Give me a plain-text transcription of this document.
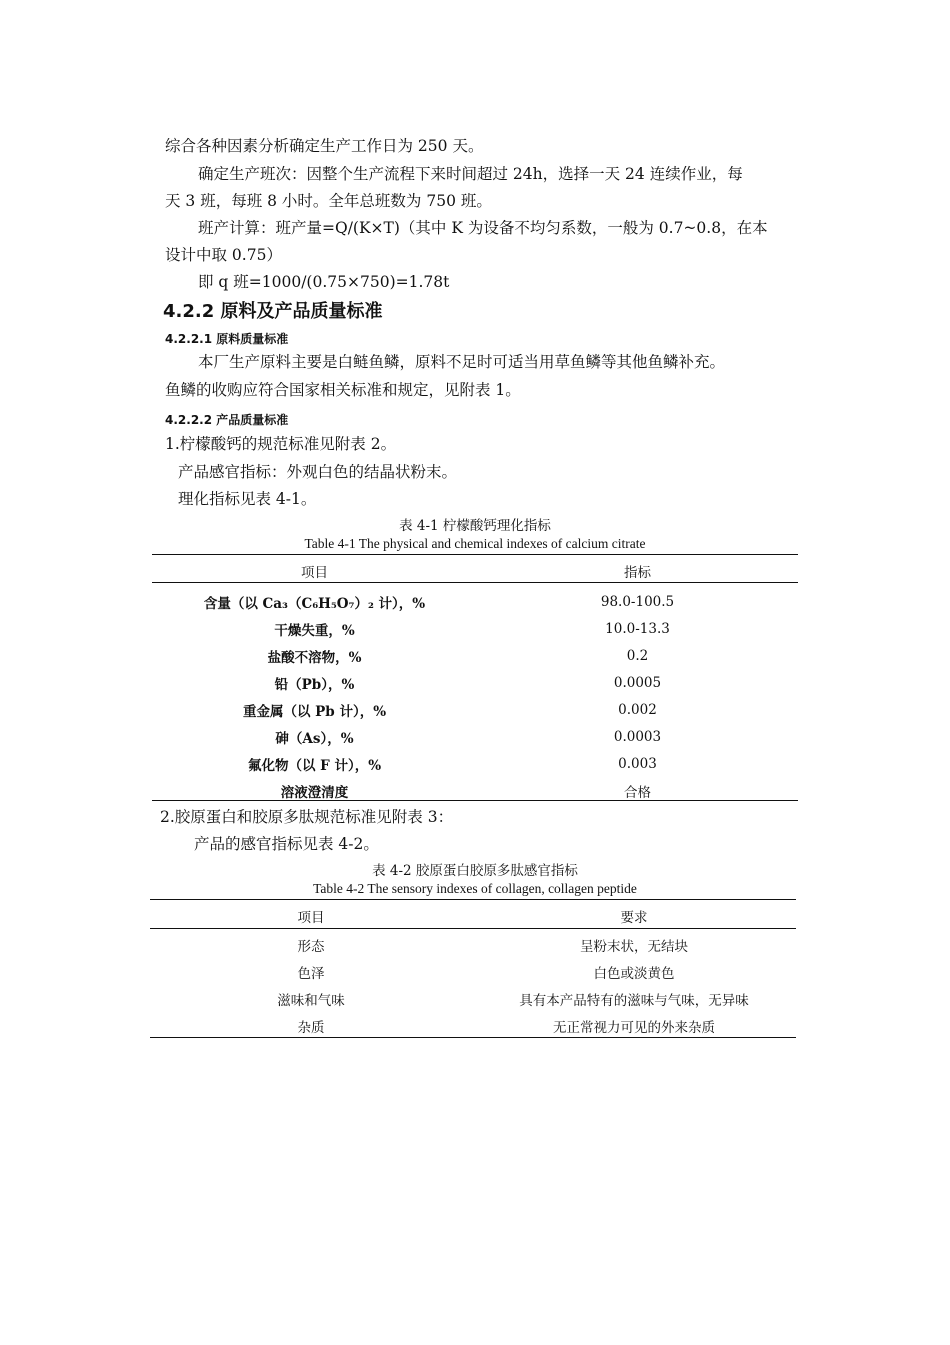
综合各种因素分析确定生产工作日为 250 天。
确定生产班次：因整个生产流程下来时间超过 24h，选择一天 24 连续作业，每
天 3 班，每班 8 小时。全年总班数为 750 班。
班产计算：班产量=Q/(K×T)（其中 K 为设备不均匀系数，一般为 0.7~0.8，在本
设计中取 0.75）
即 q 班=1000/(0.75×750)=1.78t
4.2.2 原料及产品质量标准
4.2.2.1 原料质量标准
本厂生产原料主要是白鲢鱼鳞，原料不足时可适当用草鱼鳞等其他鱼鳞补充。
鱼鳞的收购应符合国家相关标准和规定，见附表 1。
4.2.2.2 产品质量标准
1.柠檬酸钙的规范标准见附表 2。
产品感官指标：外观白色的结晶状粉末。
理化指标见表 4-1。
表 4-1 柠檬酸钙理化指标
Table 4-1 The physical and chemical indexes of calcium citrate
项目	指标

含量（以 Ca₃（C₆H₅O₇）₂ 计），%	98.0-100.5
干燥失重，%	10.0-13.3
盐酸不溶物，%	0.2
铅（Pb），%	0.0005
重金属（以 Pb 计），%	0.002
砷（As），%	0.0003
氟化物（以 F 计），%	0.003
溶液澄清度	合格
2.胶原蛋白和胶原多肽规范标准见附表 3：
产品的感官指标见表 4-2。
表 4-2 胶原蛋白胶原多肽感官指标
Table 4-2 The sensory indexes of collagen, collagen peptide
项目	要求

形态	呈粉末状，无结块
色泽	白色或淡黄色
滋味和气味	具有本产品特有的滋味与气味，无异味
杂质	无正常视力可见的外来杂质
